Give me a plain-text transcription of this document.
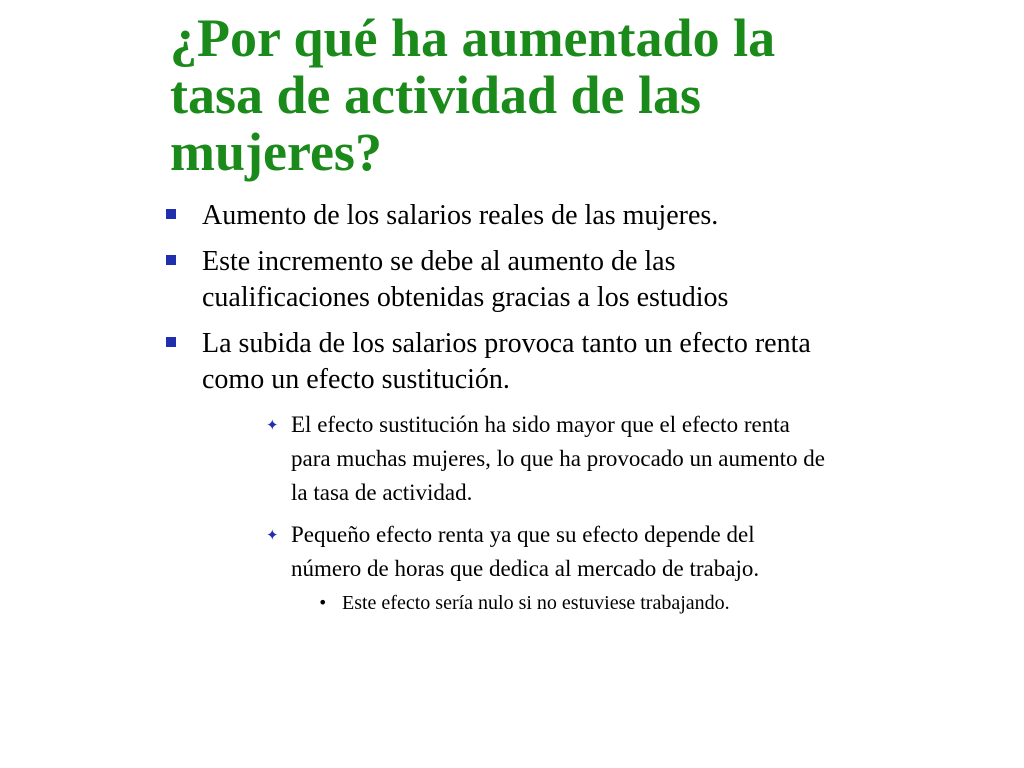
¿Por qué ha aumentado la
tasa de actividad de las
mujeres?
Aumento de los salarios reales de las mujeres.
Este incremento se debe al aumento de las
cualificaciones obtenidas gracias a los estudios
La subida de los salarios provoca tanto un efecto renta
como un efecto sustitución.
✦ El efecto sustitución ha sido mayor que el efecto renta
para muchas mujeres, lo que ha provocado un aumento de
la tasa de actividad.
✦ Pequeño efecto renta ya que su efecto depende del
número de horas que dedica al mercado de trabajo.
• Este efecto sería nulo si no estuviese trabajando.
